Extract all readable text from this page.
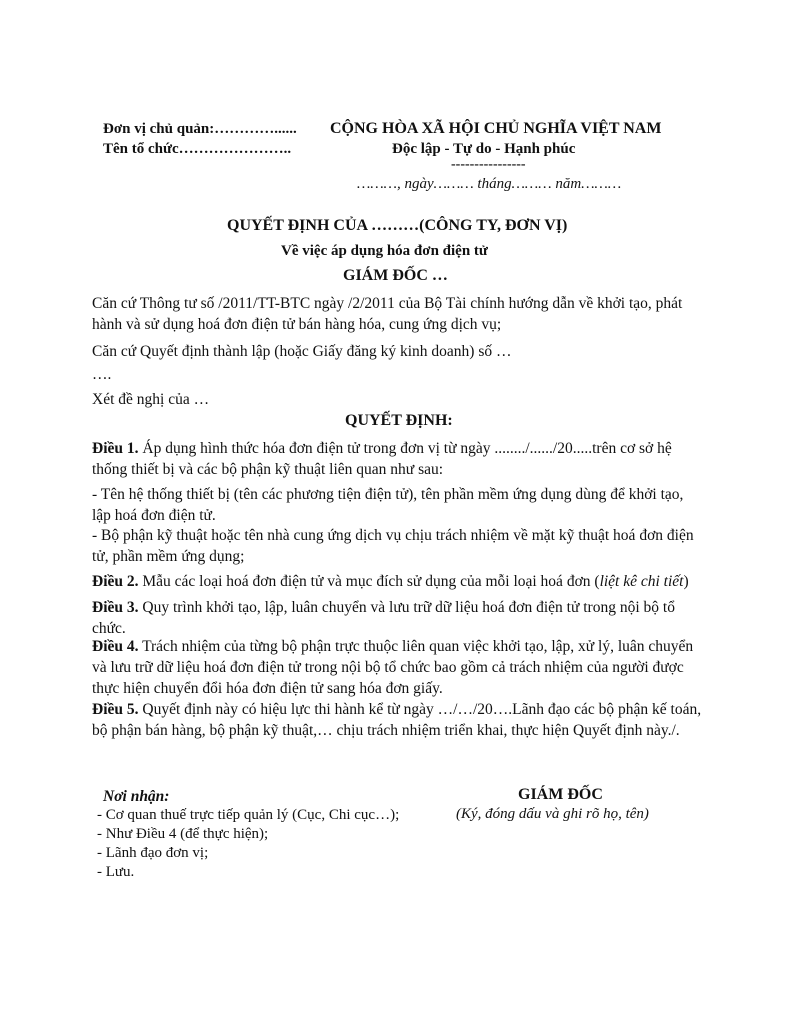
Đơn vị chủ quản:…………......
Tên tổ chức…………………..
CỘNG HÒA XÃ HỘI CHỦ NGHĨA VIỆT NAM
Độc lập - Tự do - Hạnh phúc
----------------
………, ngày……… tháng……… năm………
QUYẾT ĐỊNH CỦA ………(CÔNG TY, ĐƠN VỊ)
Về việc áp dụng hóa đơn điện tử
GIÁM ĐỐC …
Căn cứ Thông tư số /2011/TT-BTC ngày /2/2011 của Bộ Tài chính hướng dẫn về khởi tạo, phát hành và sử dụng hoá đơn điện tử bán hàng hóa, cung ứng dịch vụ;
Căn cứ Quyết định thành lập (hoặc Giấy đăng ký kinh doanh) số …
….
Xét đề nghị của …
QUYẾT ĐỊNH:
Điều 1. Áp dụng hình thức hóa đơn điện tử trong đơn vị từ ngày ......../....../20.....trên cơ sở hệ thống thiết bị và các bộ phận kỹ thuật liên quan như sau:
- Tên hệ thống thiết bị (tên các phương tiện điện tử), tên phần mềm ứng dụng dùng để khởi tạo, lập hoá đơn điện tử.
- Bộ phận kỹ thuật hoặc tên nhà cung ứng dịch vụ chịu trách nhiệm về mặt kỹ thuật hoá đơn điện tử, phần mềm ứng dụng;
Điều 2. Mẫu các loại hoá đơn điện tử và mục đích sử dụng của mỗi loại hoá đơn (liệt kê chi tiết)
Điều 3. Quy trình khởi tạo, lập, luân chuyển và lưu trữ dữ liệu hoá đơn điện tử trong nội bộ tổ chức.
Điều 4. Trách nhiệm của từng bộ phận trực thuộc liên quan việc khởi tạo, lập, xử lý, luân chuyển và lưu trữ dữ liệu hoá đơn điện tử trong nội bộ tổ chức bao gồm cả trách nhiệm của người được thực hiện chuyển đổi hóa đơn điện tử sang hóa đơn giấy.
Điều 5. Quyết định này có hiệu lực thi hành kể từ ngày …/…/20….Lãnh đạo các bộ phận kế toán, bộ phận bán hàng, bộ phận kỹ thuật,… chịu trách nhiệm triển khai, thực hiện Quyết định này./.
Nơi nhận:
- Cơ quan thuế trực tiếp quản lý (Cục, Chi cục…);
- Như Điều 4 (để thực hiện);
- Lãnh đạo đơn vị;
- Lưu.
GIÁM ĐỐC
(Ký, đóng dấu và ghi rõ họ, tên)
